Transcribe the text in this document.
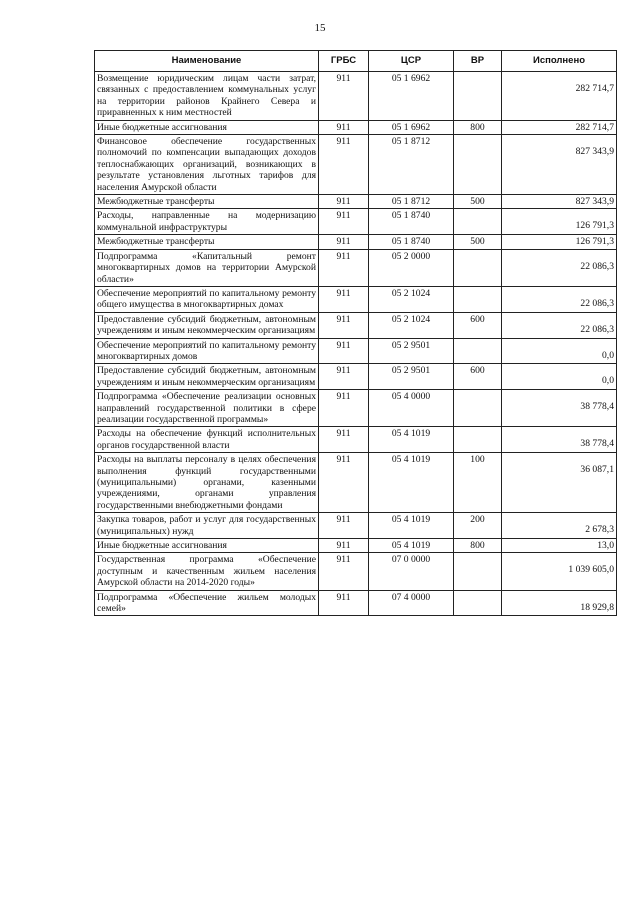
15
Наименование	ГРБС	ЦСР	ВР	Исполнено
Возмещение юридическим лицам части затрат, связанных с предоставлением коммунальных услуг на территории районов Крайнего Севера и приравненных к ним местностей	911	05 1 6962		282 714,7
Иные бюджетные ассигнования	911	05 1 6962	800	282 714,7
Финансовое обеспечение государственных полномочий по компенсации выпадающих доходов теплоснабжающих организаций, возникающих в результате установления льготных тарифов для населения Амурской области	911	05 1 8712		827 343,9
Межбюджетные трансферты	911	05 1 8712	500	827 343,9
Расходы, направленные на модернизацию коммунальной инфраструктуры	911	05 1 8740		126 791,3
Межбюджетные трансферты	911	05 1 8740	500	126 791,3
Подпрограмма «Капитальный ремонт многоквартирных домов на территории Амурской области»	911	05 2 0000		22 086,3
Обеспечение мероприятий по капитальному ремонту общего имущества в многоквартирных домах	911	05 2 1024		22 086,3
Предоставление субсидий бюджетным, автономным учреждениям и иным некоммерческим организациям	911	05 2 1024	600	22 086,3
Обеспечение мероприятий по капитальному ремонту многоквартирных домов	911	05 2 9501		0,0
Предоставление субсидий бюджетным, автономным учреждениям и иным некоммерческим организациям	911	05 2 9501	600	0,0
Подпрограмма «Обеспечение реализации основных направлений государственной политики в сфере реализации государственной программы»	911	05 4 0000		38 778,4
Расходы на обеспечение функций исполнительных органов государственной власти	911	05 4 1019		38 778,4
Расходы на выплаты персоналу в целях обеспечения выполнения функций государственными (муниципальными) органами, казенными учреждениями, органами управления государственными внебюджетными фондами	911	05 4 1019	100	36 087,1
Закупка товаров, работ и услуг для государственных (муниципальных) нужд	911	05 4 1019	200	2 678,3
Иные бюджетные ассигнования	911	05 4 1019	800	13,0
Государственная программа «Обеспечение доступным и качественным жильем населения Амурской области на 2014-2020 годы»	911	07 0 0000		1 039 605,0
Подпрограмма «Обеспечение жильем молодых семей»	911	07 4 0000		18 929,8
